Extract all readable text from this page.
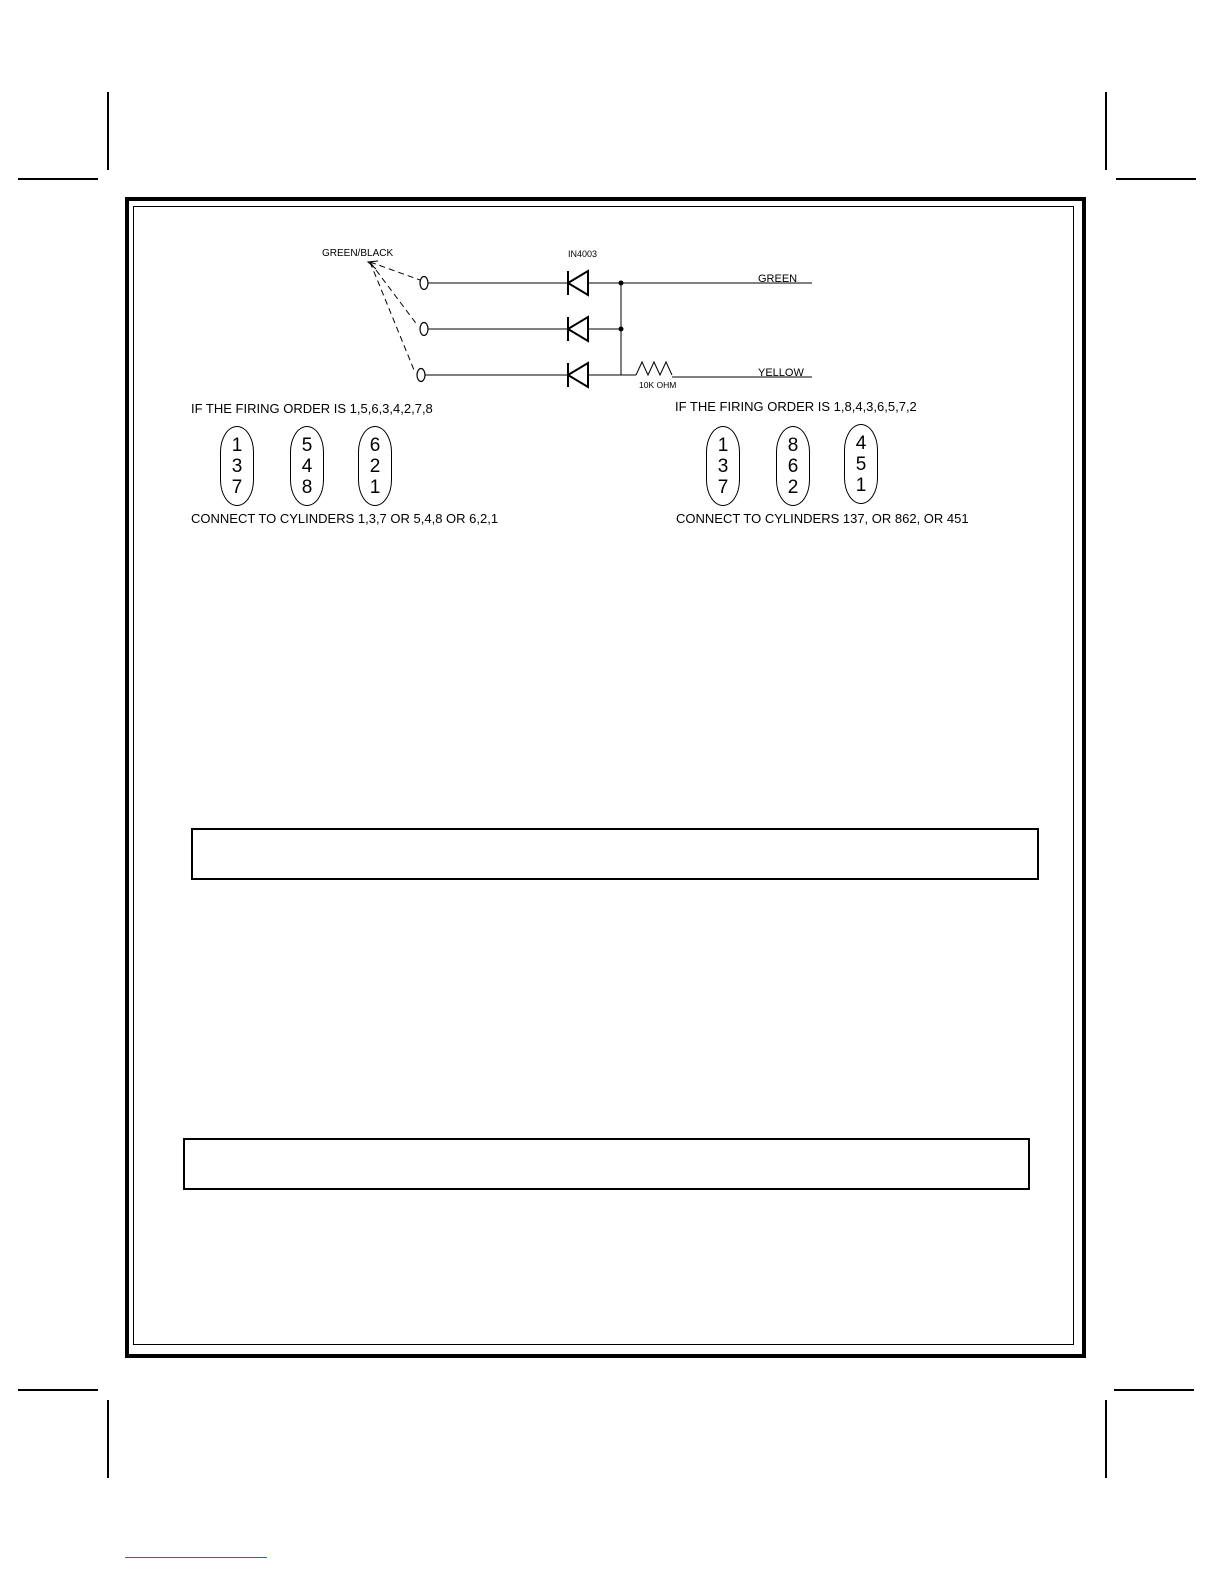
GREEN/BLACK	IN4003
10K OHM
GREEN
YELLOW
IF THE FIRING ORDER IS 1,5,6,3,4,2,7,8
1
3
7
5
4
8
6
2
1
CONNECT TO CYLINDERS 1,3,7 OR 5,4,8 OR 6,2,1
IF THE FIRING ORDER IS 1,8,4,3,6,5,7,2
1
3
7
8
6
2
4
5
1
CONNECT TO CYLINDERS 137, OR 862, OR 451
